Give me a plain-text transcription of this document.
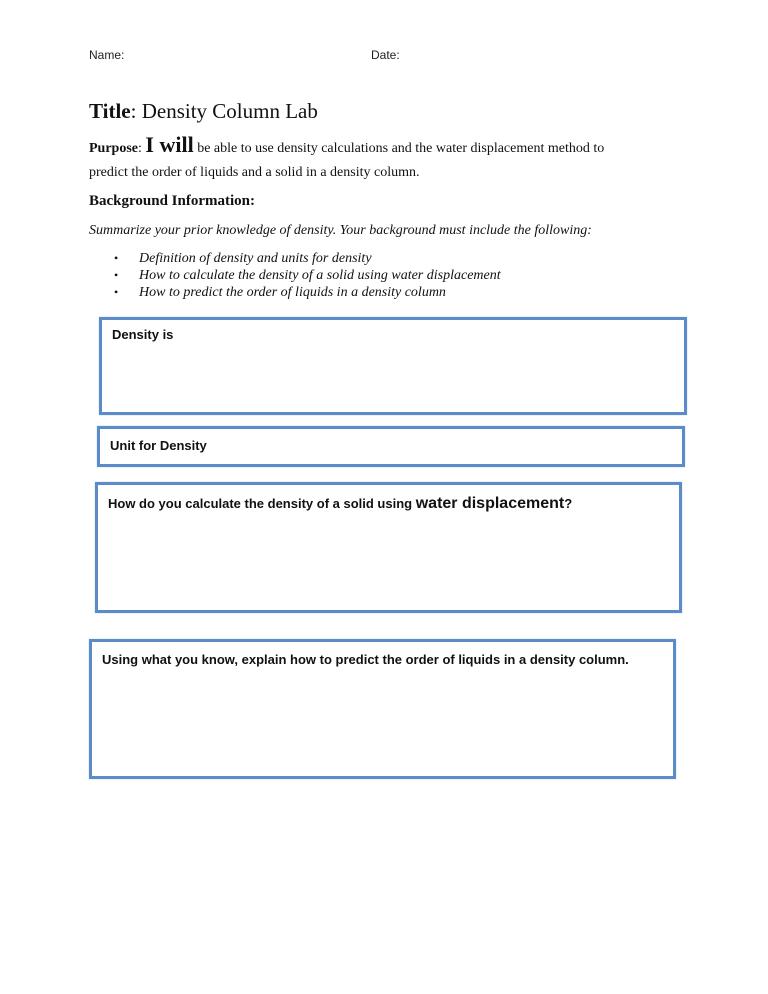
Name:	Date:
Title: Density Column Lab
Purpose: I will be able to use density calculations and the water displacement method to
predict the order of liquids and a solid in a density column.
Background Information:
Summarize your prior knowledge of density. Your background must include the following:
• Definition of density and units for density
• How to calculate the density of a solid using water displacement
• How to predict the order of liquids in a density column
Density is
Unit for Density
How do you calculate the density of a solid using water displacement?
Using what you know, explain how to predict the order of liquids in a density column.
